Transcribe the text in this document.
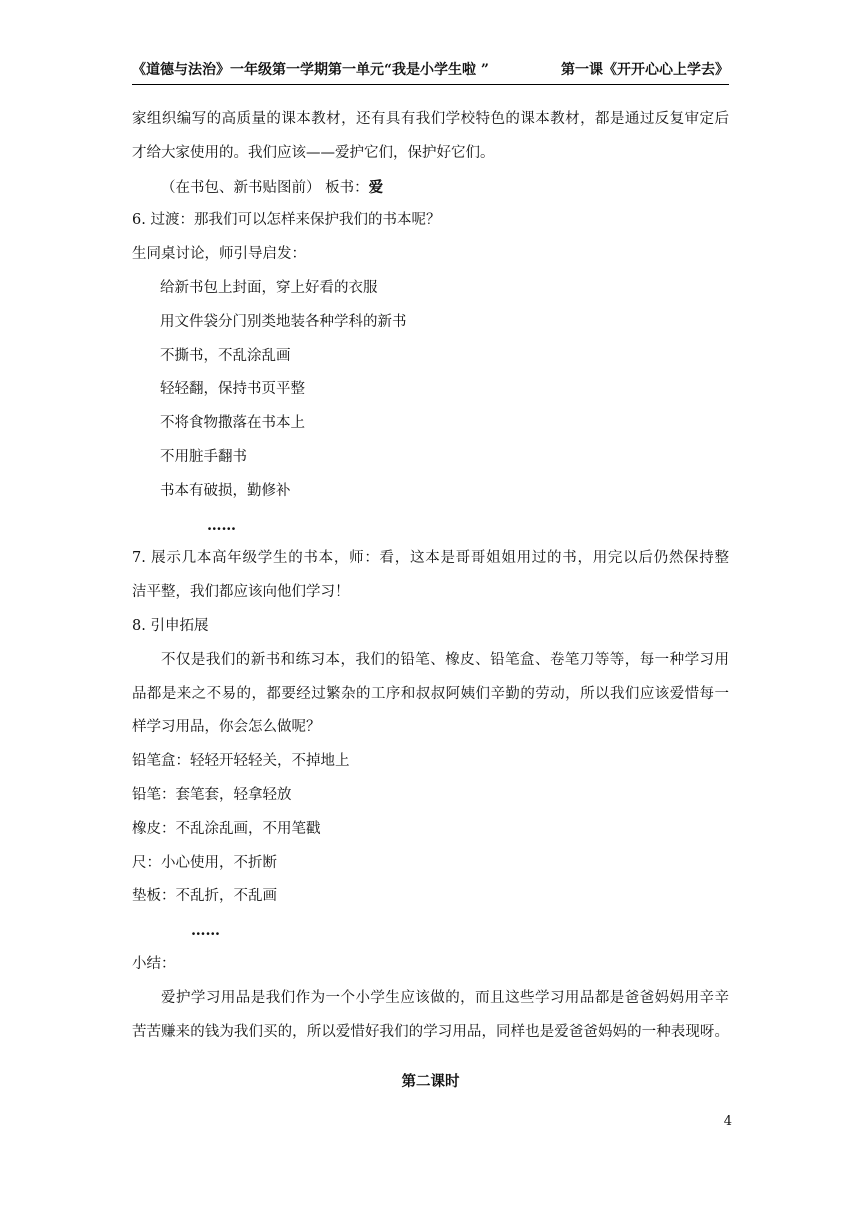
《道德与法治》一年级第一学期第一单元“我是小学生啦 ”	第一课《开开心心上学去》
家组织编写的高质量的课本教材，还有具有我们学校特色的课本教材，都是通过反复审定后
才给大家使用的。我们应该——爱护它们，保护好它们。
（在书包、新书贴图前） 板书：爱
6. 过渡：那我们可以怎样来保护我们的书本呢？
生同桌讨论，师引导启发：
给新书包上封面，穿上好看的衣服
用文件袋分门别类地装各种学科的新书
不撕书，不乱涂乱画
轻轻翻，保持书页平整
不将食物撒落在书本上
不用脏手翻书
书本有破损，勤修补
……
7. 展示几本高年级学生的书本，师：看，这本是哥哥姐姐用过的书，用完以后仍然保持整
洁平整，我们都应该向他们学习！
8. 引申拓展
不仅是我们的新书和练习本，我们的铅笔、橡皮、铅笔盒、卷笔刀等等，每一种学习用
品都是来之不易的，都要经过繁杂的工序和叔叔阿姨们辛勤的劳动，所以我们应该爱惜每一
样学习用品，你会怎么做呢？
铅笔盒：轻轻开轻轻关，不掉地上
铅笔：套笔套，轻拿轻放
橡皮：不乱涂乱画，不用笔戳
尺：小心使用，不折断
垫板：不乱折，不乱画
……
小结：
爱护学习用品是我们作为一个小学生应该做的，而且这些学习用品都是爸爸妈妈用辛辛
苦苦赚来的钱为我们买的，所以爱惜好我们的学习用品，同样也是爱爸爸妈妈的一种表现呀。
第二课时
4
